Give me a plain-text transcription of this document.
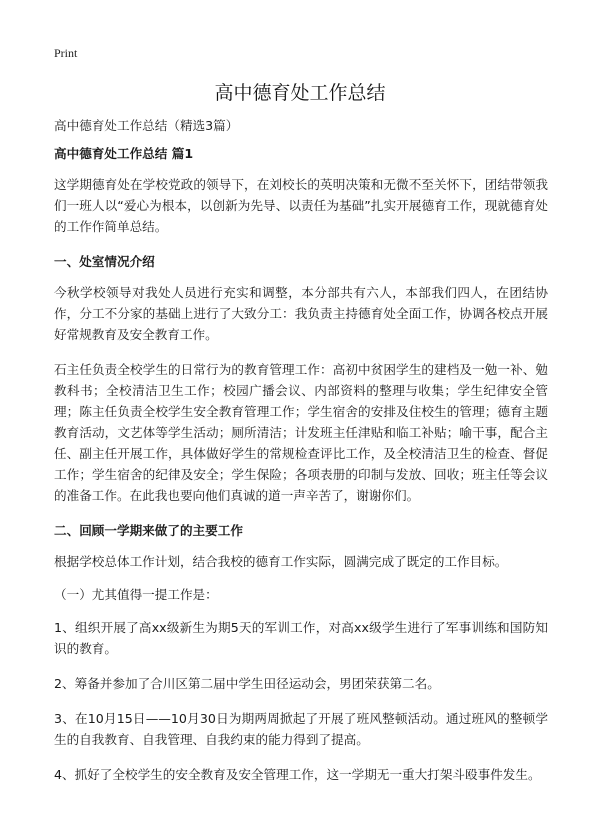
Print
高中德育处工作总结

高中德育处工作总结（精选3篇）

高中德育处工作总结 篇1

这学期德育处在学校党政的领导下，在刘校长的英明决策和无微不至关怀下，团结带领我们一班人以“爱心为根本，以创新为先导、以责任为基础”扎实开展德育工作，现就德育处的工作作简单总结。

一、处室情况介绍

今秋学校领导对我处人员进行充实和调整，本分部共有六人，本部我们四人，在团结协作，分工不分家的基础上进行了大致分工：我负责主持德育处全面工作，协调各校点开展好常规教育及安全教育工作。

石主任负责全校学生的日常行为的教育管理工作：高初中贫困学生的建档及一勉一补、勉教科书；全校清洁卫生工作；校园广播会议、内部资料的整理与收集；学生纪律安全管理；陈主任负责全校学生安全教育管理工作；学生宿舍的安排及住校生的管理；德育主题教育活动，文艺体等学生活动；厕所清洁；计发班主任津贴和临工补贴；喻干事，配合主任、副主任开展工作，具体做好学生的常规检查评比工作，及全校清洁卫生的检查、督促工作；学生宿舍的纪律及安全；学生保险；各项表册的印制与发放、回收；班主任等会议的准备工作。在此我也要向他们真诚的道一声辛苦了，谢谢你们。

二、回顾一学期来做了的主要工作

根据学校总体工作计划，结合我校的德育工作实际，圆满完成了既定的工作目标。

（一）尤其值得一提工作是：

1、组织开展了高xx级新生为期5天的军训工作，对高xx级学生进行了军事训练和国防知识的教育。

2、筹备并参加了合川区第二届中学生田径运动会，男团荣获第二名。

3、在10月15日——10月30日为期两周掀起了开展了班风整顿活动。通过班风的整顿学生的自我教育、自我管理、自我约束的能力得到了提高。

4、抓好了全校学生的安全教育及安全管理工作，这一学期无一重大打架斗殴事件发生。
